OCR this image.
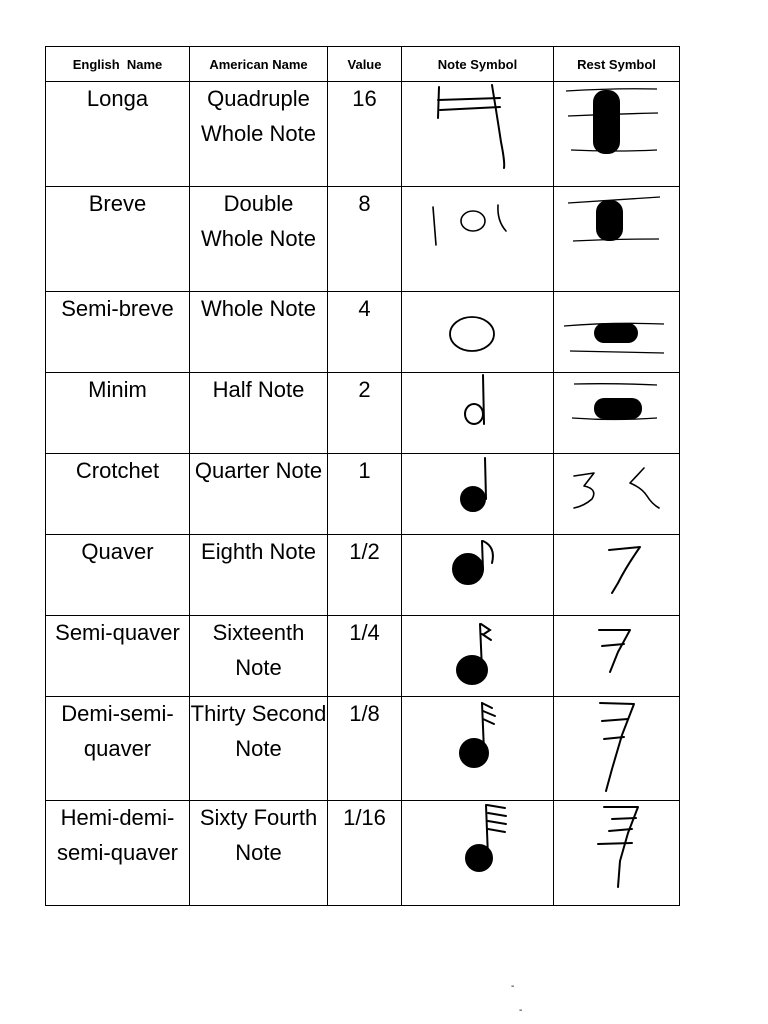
English  Name	American Name	Value	Note Symbol	Rest Symbol

Longa	Quadruple Whole Note	16

Breve	Double Whole Note	8

Semi-breve	Whole Note	4

Minim	Half Note	2

Crotchet	Quarter Note	1

Quaver	Eighth Note	1/2

Semi-quaver	Sixteenth Note	1/4

Demi-semi-quaver	Thirty Second Note	1/8

Hemi-demi-semi-quaver	Sixty Fourth Note	1/16

-
-
